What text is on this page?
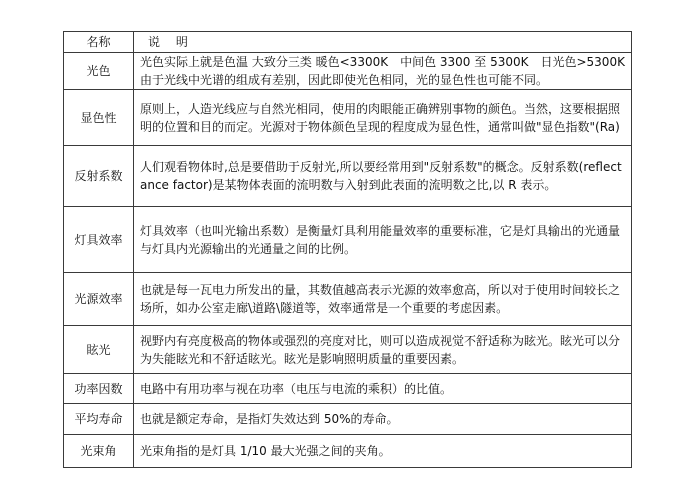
名称	说 明
光色	光色实际上就是色温 大致分三类 暖色<3300K　中间色 3300 至 5300K　日光色>5300K 由于光线中光谱的组成有差别，因此即使光色相同，光的显色性也可能不同。
显色性	原则上，人造光线应与自然光相同，使用的肉眼能正确辨别事物的颜色。当然，这要根据照明的位置和目的而定。光源对于物体颜色呈现的程度成为显色性，通常叫做"显色指数"(Ra)
反射系数	人们观看物体时,总是要借助于反射光,所以要经常用到"反射系数"的概念。反射系数(reflectance factor)是某物体表面的流明数与入射到此表面的流明数之比,以 R 表示。
灯具效率	灯具效率（也叫光输出系数）是衡量灯具利用能量效率的重要标准，它是灯具输出的光通量与灯具内光源输出的光通量之间的比例。
光源效率	也就是每一瓦电力所发出的量，其数值越高表示光源的效率愈高，所以对于使用时间较长之场所，如办公室走廊\道路\隧道等，效率通常是一个重要的考虑因素。
眩光	视野内有亮度极高的物体或强烈的亮度对比，则可以造成视觉不舒适称为眩光。眩光可以分为失能眩光和不舒适眩光。眩光是影响照明质量的重要因素。
功率因数	电路中有用功率与视在功率（电压与电流的乘积）的比值。
平均寿命	也就是额定寿命，是指灯失效达到 50%的寿命。
光束角	光束角指的是灯具 1/10 最大光强之间的夹角。
